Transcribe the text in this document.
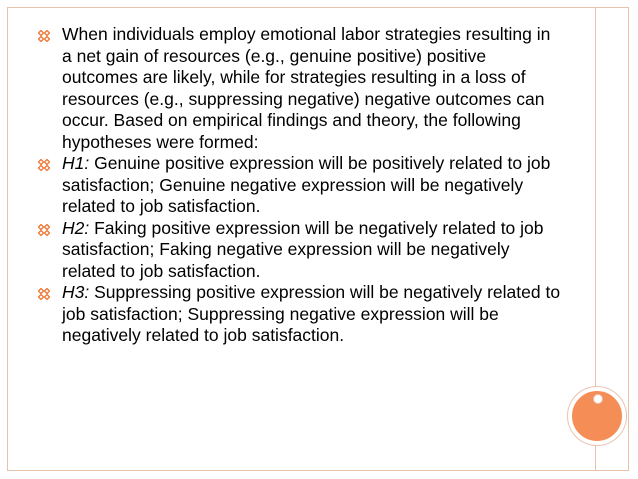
When individuals employ emotional labor strategies resulting in a net gain of resources (e.g., genuine positive) positive outcomes are likely, while for strategies resulting in a loss of resources (e.g., suppressing negative) negative outcomes can occur. Based on empirical findings and theory, the following hypotheses were formed:
H1: Genuine positive expression will be positively related to job satisfaction; Genuine negative expression will be negatively related to job satisfaction.
H2: Faking positive expression will be negatively related to job satisfaction; Faking negative expression will be negatively related to job satisfaction.
H3: Suppressing positive expression will be negatively related to job satisfaction; Suppressing negative expression will be negatively related to job satisfaction.
